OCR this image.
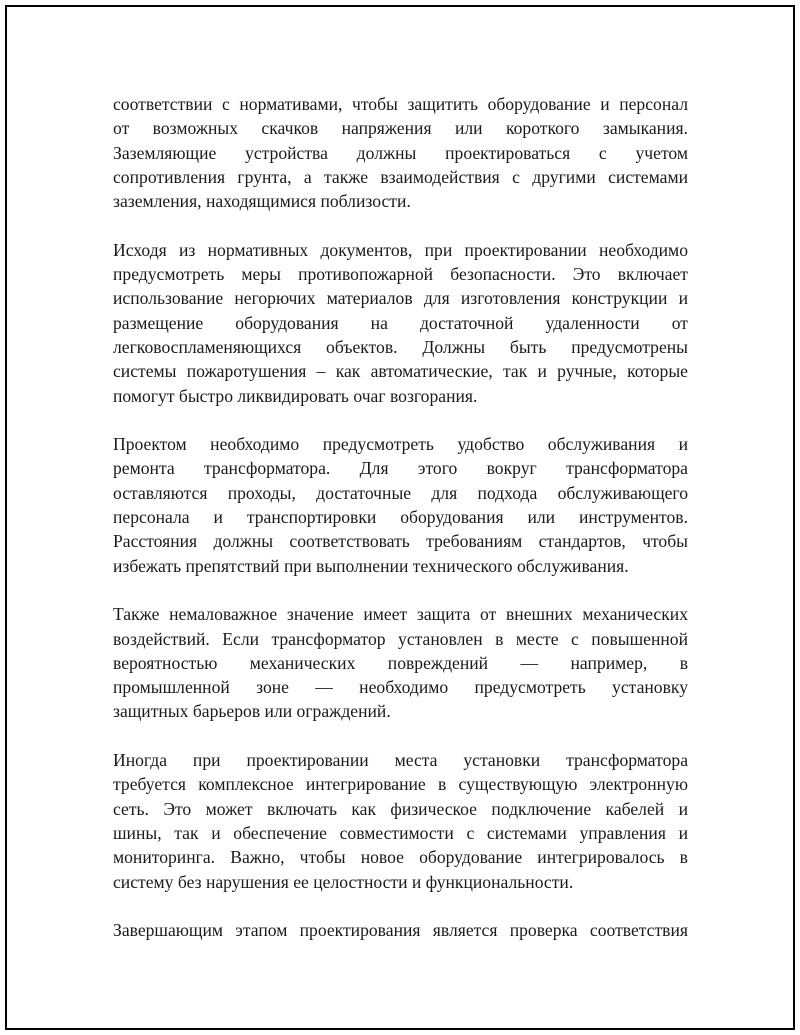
соответствии с нормативами, чтобы защитить оборудование и персонал
от возможных скачков напряжения или короткого замыкания.
Заземляющие устройства должны проектироваться с учетом
сопротивления грунта, а также взаимодействия с другими системами
заземления, находящимися поблизости.
Исходя из нормативных документов, при проектировании необходимо
предусмотреть меры противопожарной безопасности. Это включает
использование негорючих материалов для изготовления конструкции и
размещение оборудования на достаточной удаленности от
легковоспламеняющихся объектов. Должны быть предусмотрены
системы пожаротушения – как автоматические, так и ручные, которые
помогут быстро ликвидировать очаг возгорания.
Проектом необходимо предусмотреть удобство обслуживания и
ремонта трансформатора. Для этого вокруг трансформатора
оставляются проходы, достаточные для подхода обслуживающего
персонала и транспортировки оборудования или инструментов.
Расстояния должны соответствовать требованиям стандартов, чтобы
избежать препятствий при выполнении технического обслуживания.
Также немаловажное значение имеет защита от внешних механических
воздействий. Если трансформатор установлен в месте с повышенной
вероятностью механических повреждений — например, в
промышленной зоне — необходимо предусмотреть установку
защитных барьеров или ограждений.
Иногда при проектировании места установки трансформатора
требуется комплексное интегрирование в существующую электронную
сеть. Это может включать как физическое подключение кабелей и
шины, так и обеспечение совместимости с системами управления и
мониторинга. Важно, чтобы новое оборудование интегрировалось в
систему без нарушения ее целостности и функциональности.
Завершающим этапом проектирования является проверка соответствия
